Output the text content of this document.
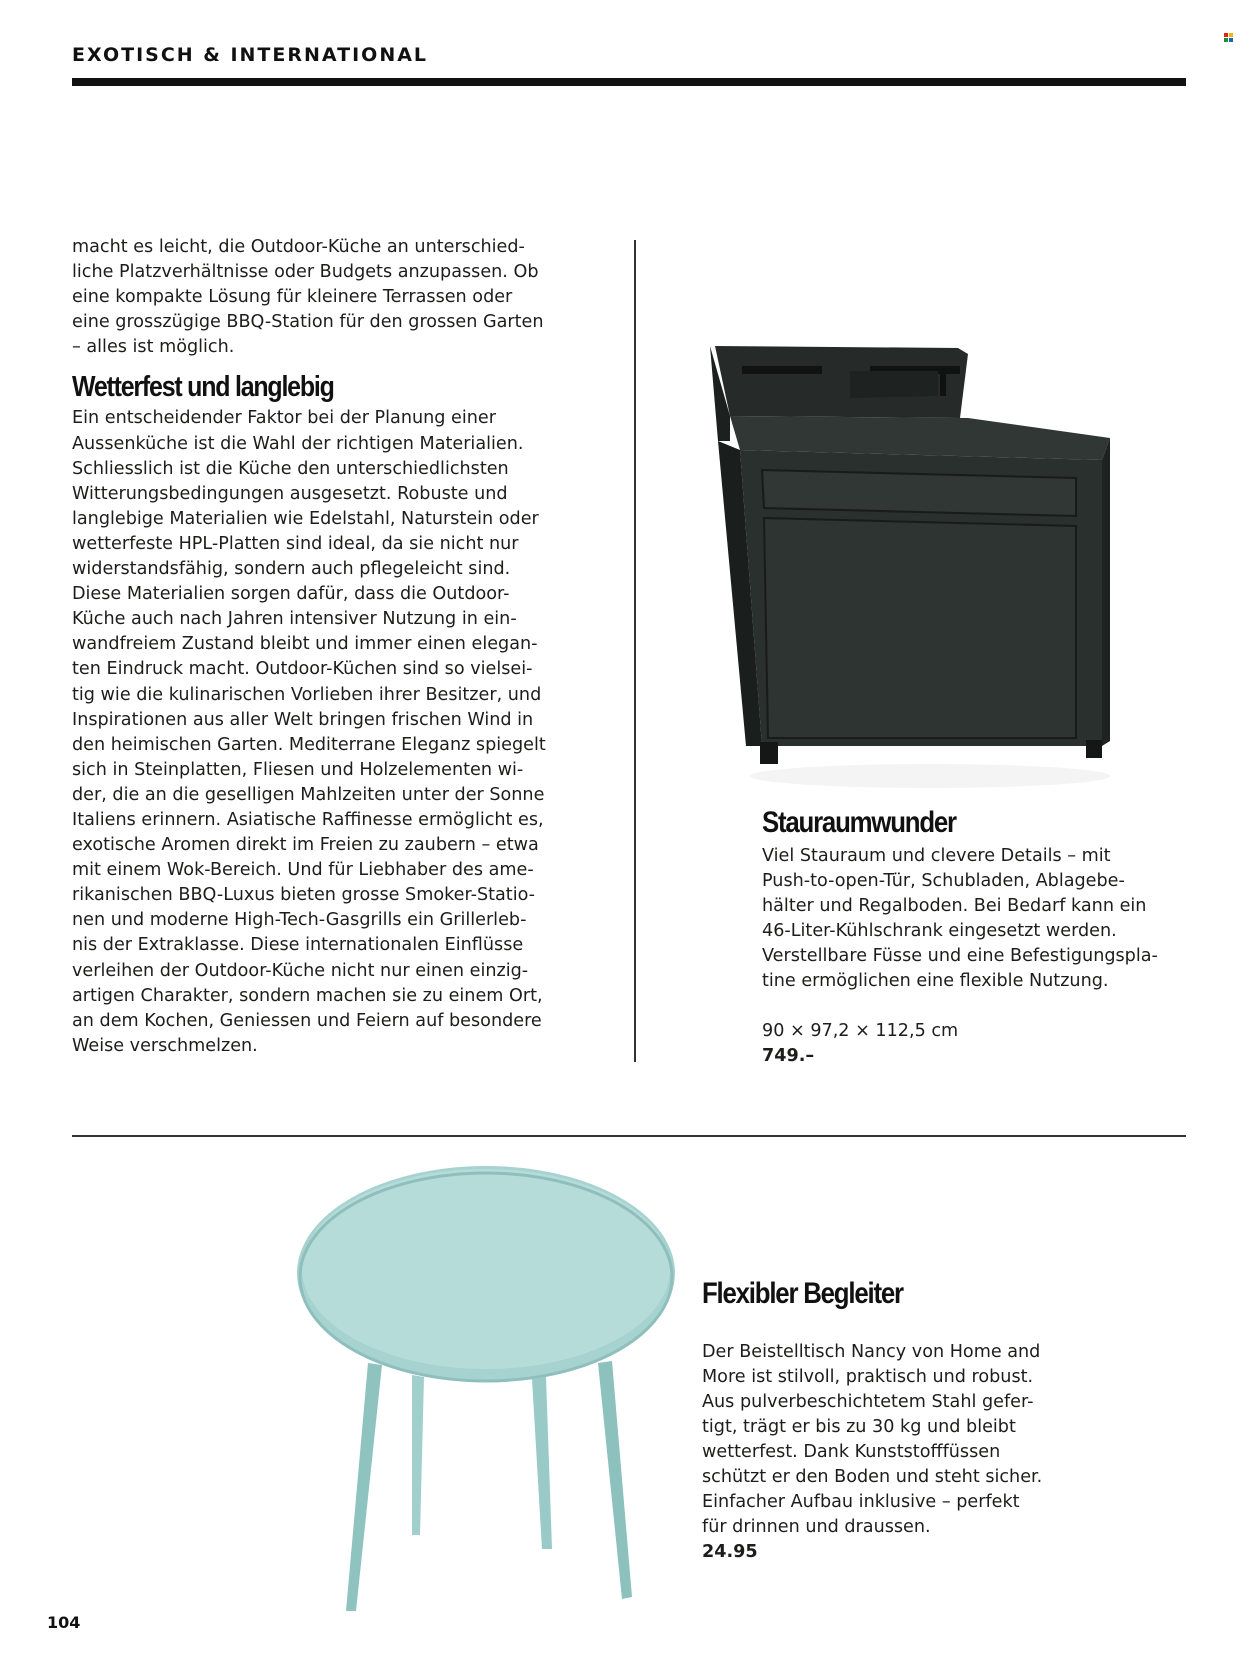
EXOTISCH & INTERNATIONAL

macht es leicht, die Outdoor-Küche an unterschied-
liche Platzverhältnisse oder Budgets anzupassen. Ob
eine kompakte Lösung für kleinere Terrassen oder
eine grosszügige BBQ-Station für den grossen Garten
– alles ist möglich.

Wetterfest und langlebig

Ein entscheidender Faktor bei der Planung einer
Aussenküche ist die Wahl der richtigen Materialien.
Schliesslich ist die Küche den unterschiedlichsten
Witterungsbedingungen ausgesetzt. Robuste und
langlebige Materialien wie Edelstahl, Naturstein oder
wetterfeste HPL-Platten sind ideal, da sie nicht nur
widerstandsfähig, sondern auch pflegeleicht sind.
Diese Materialien sorgen dafür, dass die Outdoor-
Küche auch nach Jahren intensiver Nutzung in ein-
wandfreiem Zustand bleibt und immer einen elegan-
ten Eindruck macht. Outdoor-Küchen sind so vielsei-
tig wie die kulinarischen Vorlieben ihrer Besitzer, und
Inspirationen aus aller Welt bringen frischen Wind in
den heimischen Garten. Mediterrane Eleganz spiegelt
sich in Steinplatten, Fliesen und Holzelementen wi-
der, die an die geselligen Mahlzeiten unter der Sonne
Italiens erinnern. Asiatische Raffinesse ermöglicht es,
exotische Aromen direkt im Freien zu zaubern – etwa
mit einem Wok-Bereich. Und für Liebhaber des ame-
rikanischen BBQ-Luxus bieten grosse Smoker-Statio-
nen und moderne High-Tech-Gasgrills ein Grillerleb-
nis der Extraklasse. Diese internationalen Einflüsse
verleihen der Outdoor-Küche nicht nur einen einzig-
artigen Charakter, sondern machen sie zu einem Ort,
an dem Kochen, Geniessen und Feiern auf besondere
Weise verschmelzen.

Stauraumwunder

Viel Stauraum und clevere Details – mit
Push-to-open-Tür, Schubladen, Ablagebe-
hälter und Regalboden. Bei Bedarf kann ein
46-Liter-Kühlschrank eingesetzt werden.
Verstellbare Füsse und eine Befestigungspla-
tine ermöglichen eine flexible Nutzung.

90 × 97,2 × 112,5 cm
749.–

Flexibler Begleiter

Der Beistelltisch Nancy von Home and
More ist stilvoll, praktisch und robust.
Aus pulverbeschichtetem Stahl gefer-
tigt, trägt er bis zu 30 kg und bleibt
wetterfest. Dank Kunststofffüssen
schützt er den Boden und steht sicher.
Einfacher Aufbau inklusive – perfekt
für drinnen und draussen.
24.95

104
